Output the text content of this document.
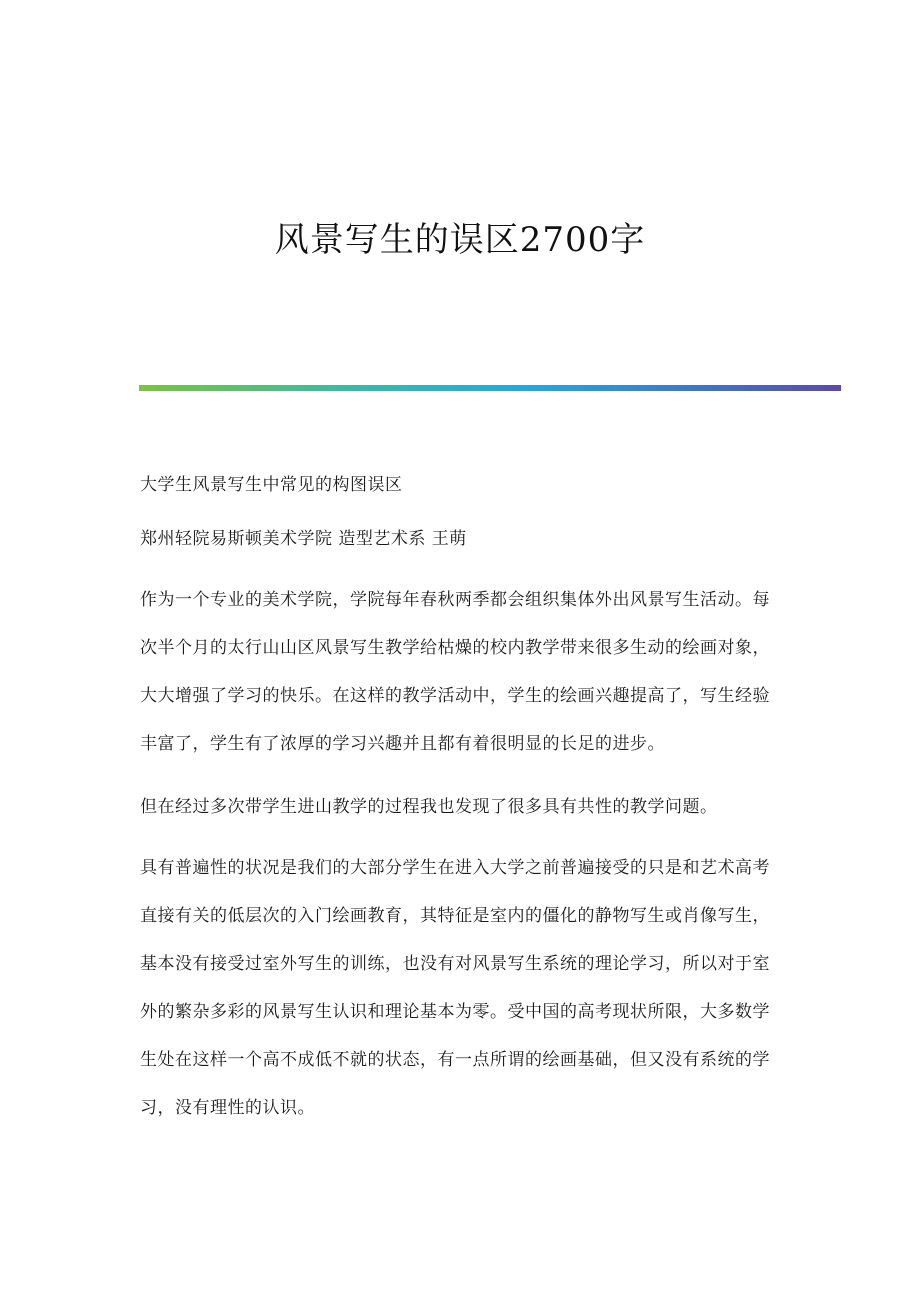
风景写生的误区2700字

大学生风景写生中常见的构图误区

郑州轻院易斯顿美术学院 造型艺术系 王萌

作为一个专业的美术学院，学院每年春秋两季都会组织集体外出风景写生活动。每次半个月的太行山山区风景写生教学给枯燥的校内教学带来很多生动的绘画对象，大大增强了学习的快乐。在这样的教学活动中，学生的绘画兴趣提高了，写生经验丰富了，学生有了浓厚的学习兴趣并且都有着很明显的长足的进步。

但在经过多次带学生进山教学的过程我也发现了很多具有共性的教学问题。

具有普遍性的状况是我们的大部分学生在进入大学之前普遍接受的只是和艺术高考直接有关的低层次的入门绘画教育，其特征是室内的僵化的静物写生或肖像写生，基本没有接受过室外写生的训练，也没有对风景写生系统的理论学习，所以对于室外的繁杂多彩的风景写生认识和理论基本为零。受中国的高考现状所限，大多数学生处在这样一个高不成低不就的状态，有一点所谓的绘画基础，但又没有系统的学习，没有理性的认识。
